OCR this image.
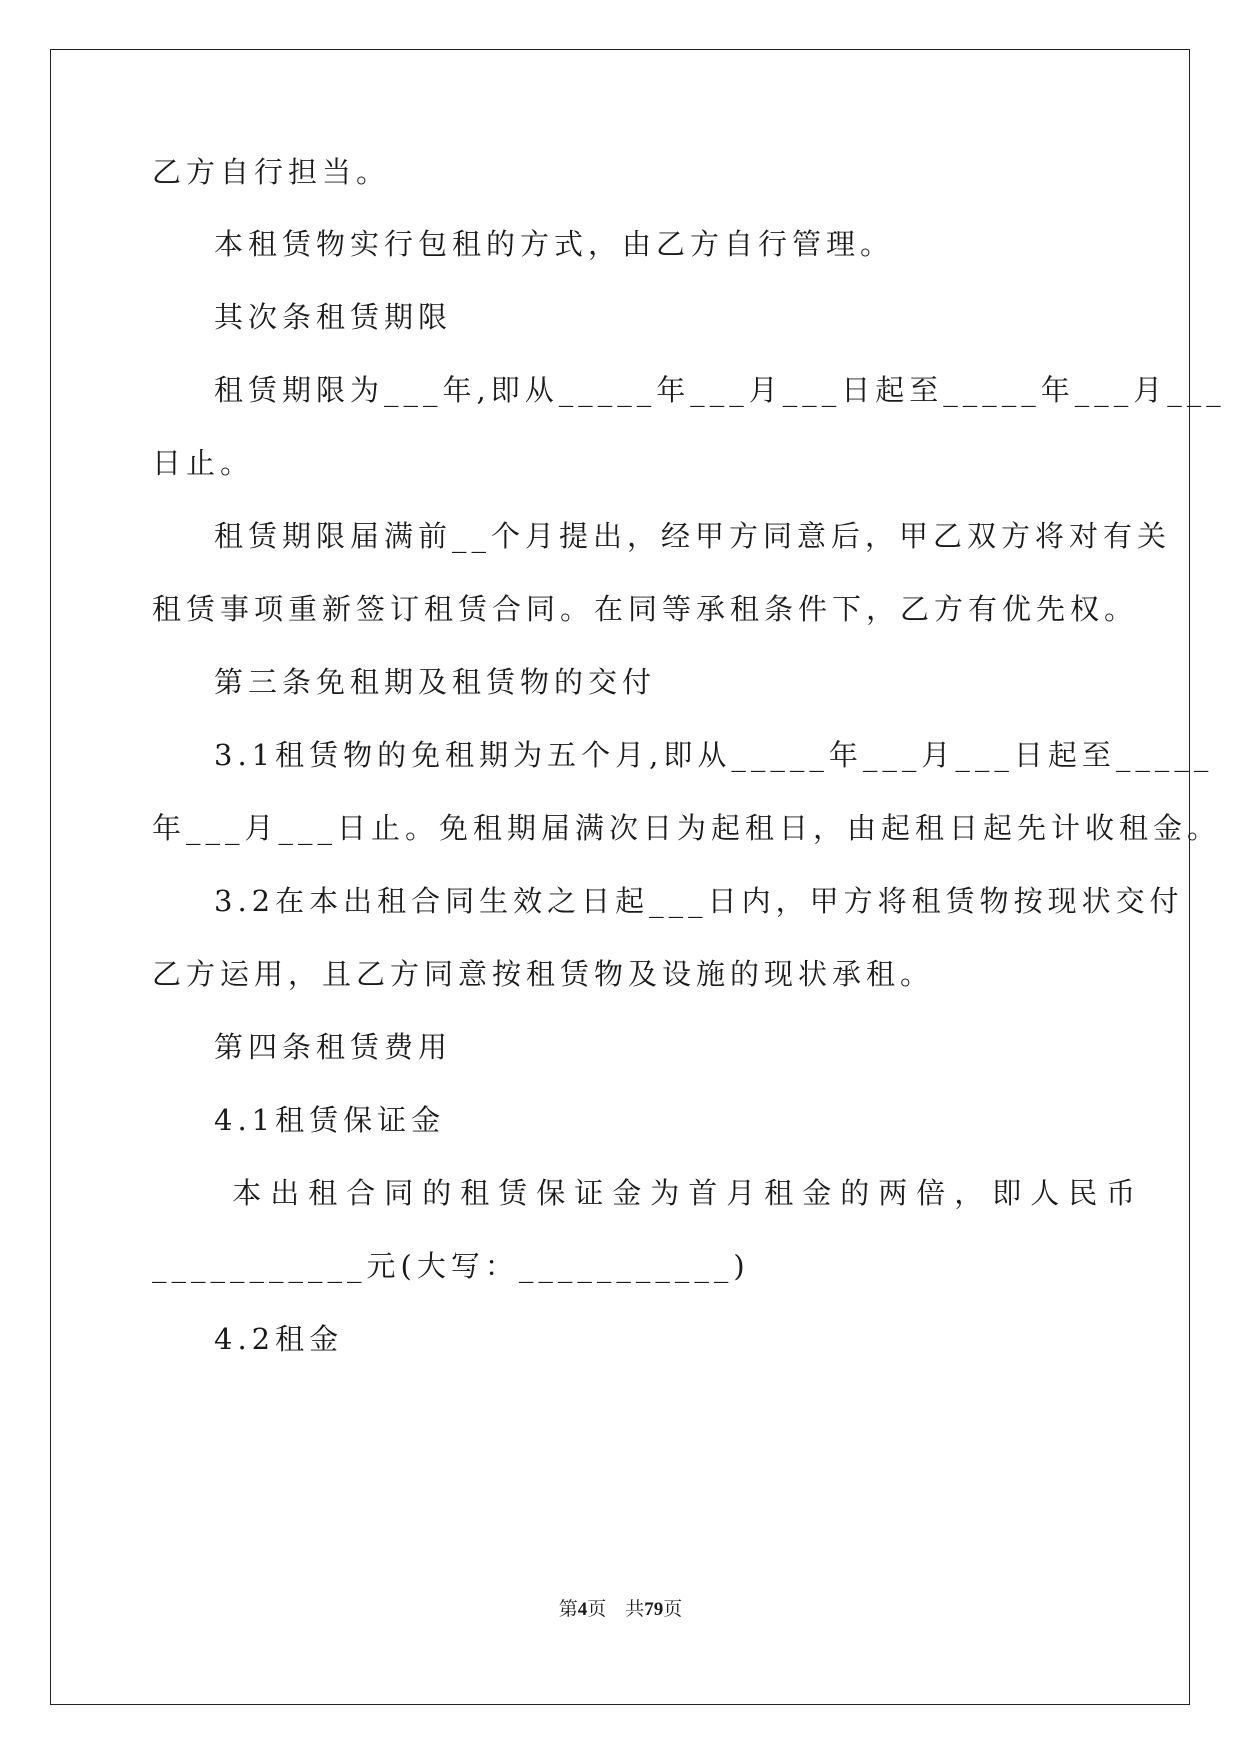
乙方自行担当。
本租赁物实行包租的方式，由乙方自行管理。
其次条租赁期限
租赁期限为___年,即从_____年___月___日起至_____年___月___
日止。
租赁期限届满前__个月提出，经甲方同意后，甲乙双方将对有关
租赁事项重新签订租赁合同。在同等承租条件下，乙方有优先权。
第三条免租期及租赁物的交付
3.1租赁物的免租期为五个月,即从_____年___月___日起至_____
年___月___日止。免租期届满次日为起租日，由起租日起先计收租金。
3.2在本出租合同生效之日起___日内，甲方将租赁物按现状交付
乙方运用，且乙方同意按租赁物及设施的现状承租。
第四条租赁费用
4.1租赁保证金
本出租合同的租赁保证金为首月租金的两倍，即人民币
___________元(大写：___________)
4.2租金
第4页　共79页
